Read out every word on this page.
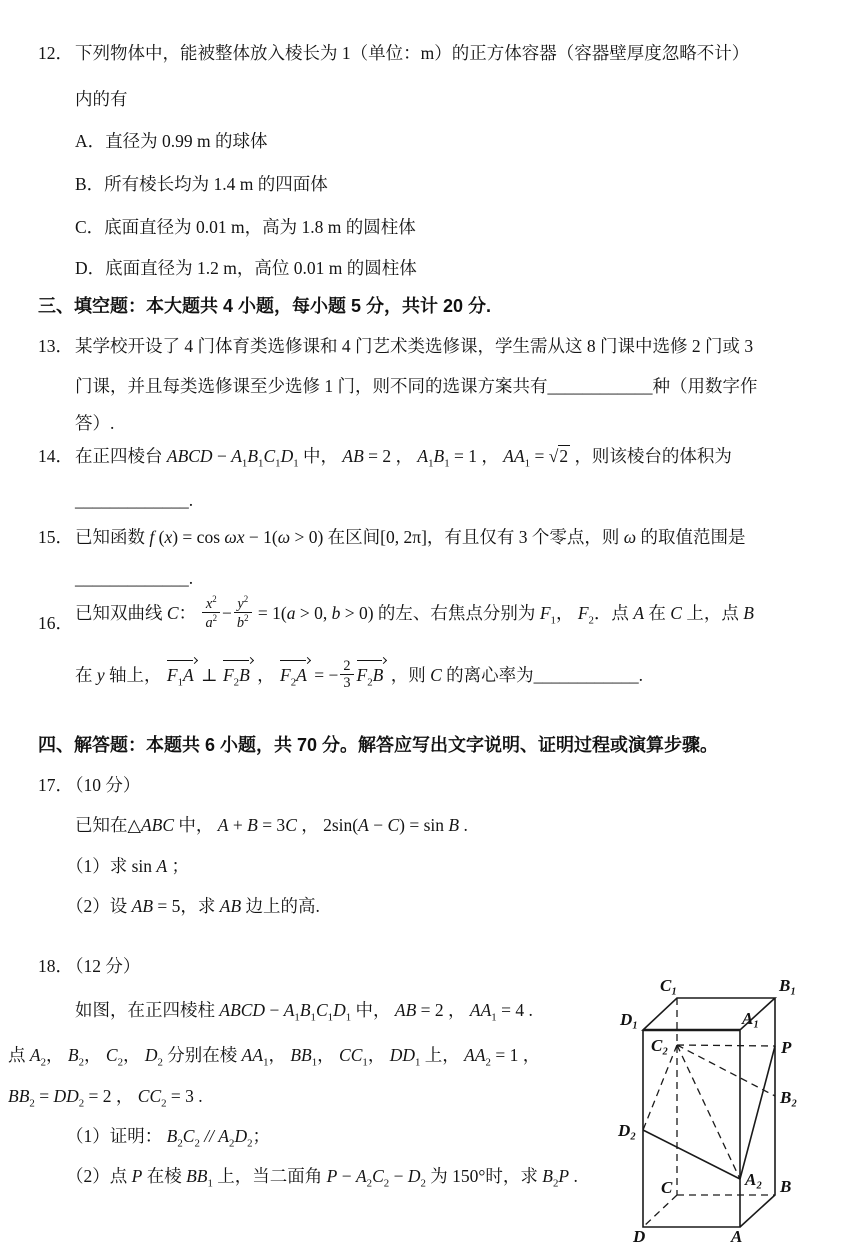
12． 下列物体中，能被整体放入棱长为 1（单位：m）的正方体容器（容器壁厚度忽略不计）
内的有
A．直径为 0.99 m 的球体
B．所有棱长均为 1.4 m 的四面体
C．底面直径为 0.01 m，高为 1.8 m 的圆柱体
D．底面直径为 1.2 m，高位 0.01 m 的圆柱体
三、填空题：本大题共 4 小题，每小题 5 分，共计 20 分.
13． 某学校开设了 4 门体育类选修课和 4 门艺术类选修课，学生需从这 8 门课中选修 2 门或 3
门课，并且每类选修课至少选修 1 门，则不同的选课方案共有____________种（用数字作
答）.
14． 在正四棱台 ABCD − $A_1B_1C_1D_1$ 中， AB = 2 ， $A_1B_1 = 1$ ， $AA_1 = √2$ ，则该棱台的体积为
_____________.
15． 已知函数 f (x) = cos ωx − 1(ω > 0) 在区间[0, 2π]，有且仅有 3 个零点，则 ω 的取值范围是
_____________.
16．
已知双曲线 C： $\frac{x^2}{a^2} - \frac{y^2}{b^2} = 1(a > 0$, b > 0) 的左、右焦点分别为 $F_1$， $F_2$．点 A 在 C 上，点 B
在 y 轴上， $F_1A$ ⊥ $F_2B$ ， $F_2A$ = − $\frac{2}{3} F_2B$ ，则 C 的离心率为____________.
四、解答题：本题共 6 小题，共 70 分。解答应写出文字说明、证明过程或演算步骤。
17．
（10 分）
已知在△ABC 中， A + B = 3C ， 2sin(A − C) = sin B .
（1）求 sin A ；
（2）设 AB = 5，求 AB 边上的高.
18．
（12 分）
如图，在正四棱柱 ABCD − $A_1B_1C_1D_1$ 中， AB = 2 ， $AA_1 = 4$ .
点 $A_2$， $B_2$， $C_2$， $D_2$ 分别在棱 $AA_1$， $BB_1$， $CC_1$， $DD_1$ 上， $AA_2 = 1$ ，
$BB_2 = DD_2 = 2$ ， $CC_2 = 3$ .
（1）证明： $B_2C_2 // A_2D_2$；
（2）点 P 在棱 $BB_1$ 上，当二面角 $P - A_2C_2 - D_2$ 为 150°时，求 $B_2P$ .
C₁	B₁
D₁	A₁
C₂	P
B₂
D₂
A₂
C	B
D	A
